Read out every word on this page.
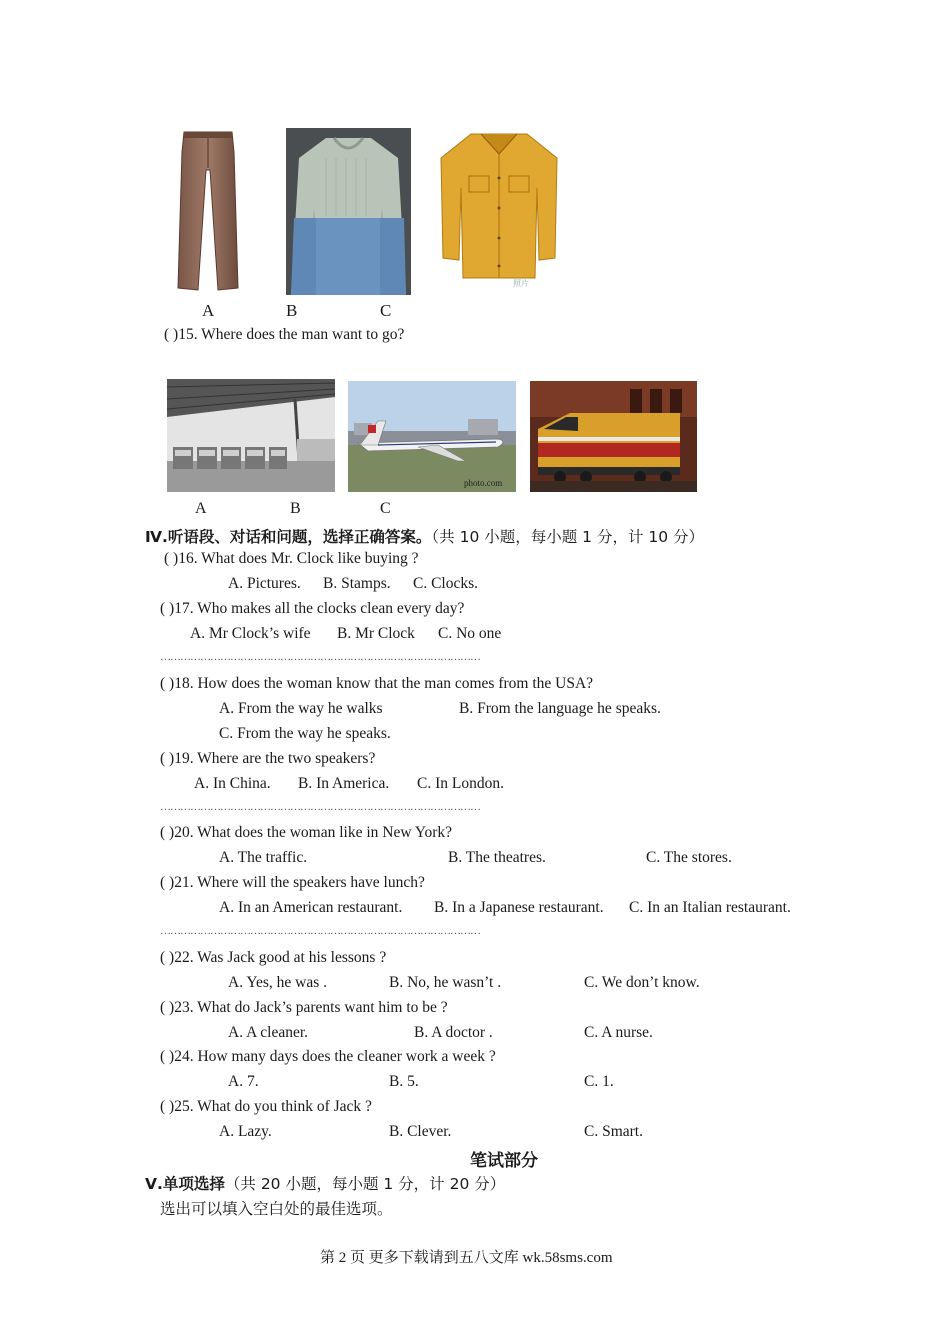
照片
A	B	C
( )15. Where does the man want to go?
photo.com
A	B	C
Ⅳ.听语段、对话和问题，选择正确答案。（共 10 小题，每小题 1 分，计 10 分）
( )16. What does Mr. Clock like buying ?
A. Pictures. B. Stamps. C. Clocks.
( )17. Who makes all the clocks clean every day?
A. Mr Clock’s wife B. Mr Clock C. No one
……………………………………………………………………………………
( )18. How does the woman know that the man comes from the USA?
A. From the way he walks	B. From the language he speaks.
C. From the way he speaks.
( )19. Where are the two speakers?
A. In China. B. In America. C. In London.
……………………………………………………………………………………
( )20. What does the woman like in New York?
A. The traffic.	B. The theatres.	C. The stores.
( )21. Where will the speakers have lunch?
A. In an American restaurant. B. In a Japanese restaurant. C. In an Italian restaurant.
……………………………………………………………………………………
( )22. Was Jack good at his lessons ?
A. Yes, he was .	B. No, he wasn’t .	C. We don’t know.
( )23. What do Jack’s parents want him to be ?
A. A cleaner.	B. A doctor .	C. A nurse.
( )24. How many days does the cleaner work a week ?
A. 7.	B. 5.	C. 1.
( )25. What do you think of Jack ?
A. Lazy.	B. Clever.	C. Smart.
笔试部分
Ⅴ.单项选择（共 20 小题，每小题 1 分，计 20 分）
选出可以填入空白处的最佳选项。
第 2 页 更多下载请到五八文库 wk.58sms.com
